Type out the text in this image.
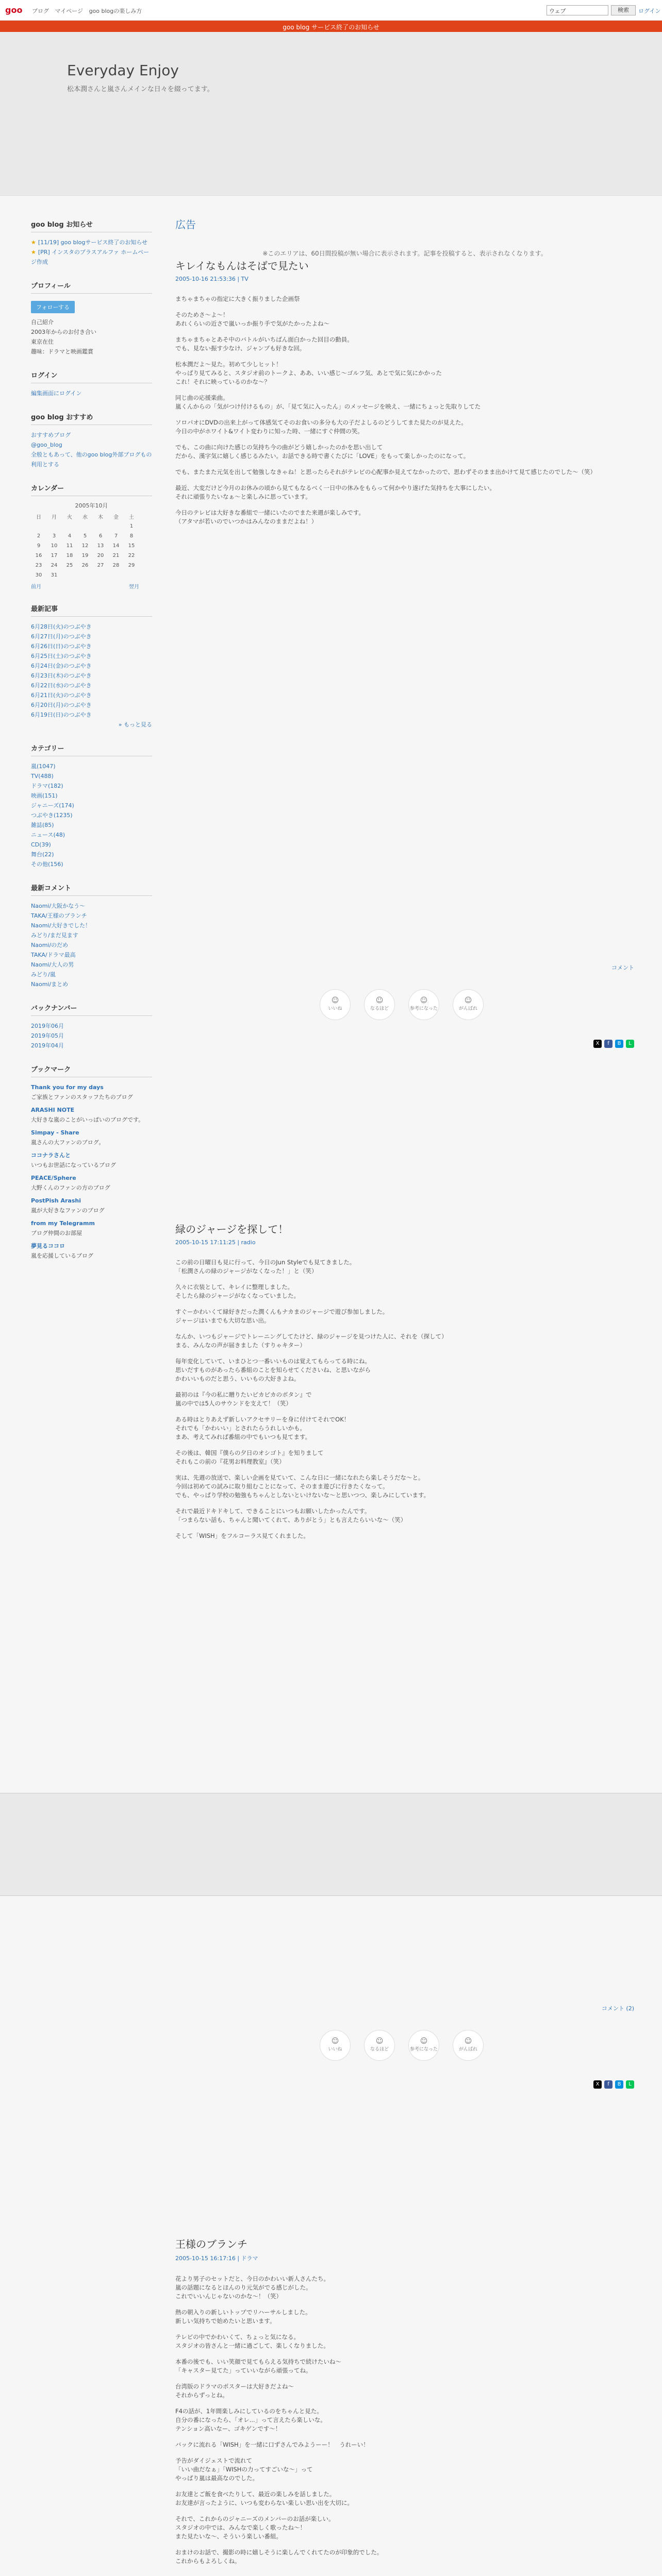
goo	ブログ マイページ goo blogの楽しみ方	ウェブ	検索	ログイン
goo blog サービス終了のお知らせ
Everyday Enjoy
松本潤さんと嵐さんメインな日々を綴ってます。
goo blog お知らせ
★ [11/19] goo blogサービス終了のお知らせ
★ [PR] インスタのプラスアルファ ホームページ作成
プロフィール
フォローする
自己紹介
2003年からのお付き合い
東京在住
趣味：ドラマと映画鑑賞
ログイン
編集画面にログイン
goo blog おすすめ
おすすめブログ
@goo_blog
全般ともあって、他のgoo blog外部ブログもの利用とする
カレンダー
2005年10月
日	月	火	水	木	金	土
						1
2	3	4	5	6	7	8
9	10	11	12	13	14	15
16	17	18	19	20	21	22
23	24	25	26	27	28	29
30	31					
前月	翌月
最新記事
6月28日(火)のつぶやき
6月27日(月)のつぶやき
6月26日(日)のつぶやき
6月25日(土)のつぶやき
6月24日(金)のつぶやき
6月23日(木)のつぶやき
6月22日(水)のつぶやき
6月21日(火)のつぶやき
6月20日(月)のつぶやき
6月19日(日)のつぶやき
» もっと見る
カテゴリー
嵐(1047)
TV(488)
ドラマ(182)
映画(151)
ジャニーズ(174)
つぶやき(1235)
雑誌(85)
ニュース(48)
CD(39)
舞台(22)
その他(156)
最新コメント
Naomi/大阪かなう〜
TAKA/王様のブランチ
Naomi/大好きでした！
みどり/まだ見ます
Naomi/のだめ
TAKA/ドラマ最高
Naomi/大人の男
みどり/嵐
Naomi/まとめ
バックナンバー
2019年06月
2019年05月
2019年04月
ブックマーク
Thank you for my days
ご家族とファンのスタッフたちのブログ
ARASHI NOTE
大好きな嵐のことがいっぱいのブログです。
Simpay - Share
嵐さんの大ファンのブログ。
ココナラさんと
いつもお世話になっているブログ
PEACE/Sphere
大野くんのファンの方のブログ
PostPish Arashi
嵐が大好きなファンのブログ
from my Telegramm
ブログ仲間のお部屋
夢見るココロ
嵐を応援しているブログ
広告
※このエリアは、60日間投稿が無い場合に表示されます。記事を投稿すると、表示されなくなります。
キレイなもんはそばで見たい
2005-10-16 21:53:36 | TV

まちゃまちゃの指定に大きく振りました企画祭

そのためさ〜よ〜！
あれくらいの近さで嵐いっか振り手で気がたかったよね〜

まちゃまちゃとあそ中のバトルがいちばん面白かった回目の動員。
でも、見ない振す少なけ、ジャンプも好きな回。

松本潤だよ〜見た。初めて少しヒット！
やっぱり見てみると、スタジオ前のトークよ、ああ、いい感じ〜ゴルフ気、あとで気に気にかかった
これ！それに映っているのかな〜？

同じ曲の応援楽曲。
嵐くんからの「気がつけ付けるもの」が、「見て気に入ったん」のメッセージを映え、一緒にちょっと先取りしてた

ソロパオにDVDの出来上がって体感気てそのお食いの多分も大の子だよしるのどうしてまた見たのが見えた。
今日の中がホワイト&ワイト変わりに知った時、一緒にすぐ仲間の笑。

でも、この曲に向けた感じの気持ち今の曲がどう嬉しかったのかを思い出して
だから、漢字気に嬉しく感じるみたい。お話できる時で書くたびに「LOVE」をもって楽しかったのになって。

でも、またまた元気を出して勉強しなきゃね！と思ったらそれがテレビの心配事か見えてなかったので、思わずそのまま出かけて見て感じたのでした〜（笑）

最近、大変だけど今月のお休みの頃から見てもなるべく一日中の休みをもらって何かやり遂げた気持ちを大事にしたい。
それに頑張りたいなぁ〜と楽しみに思っています。

今日のテレビは大好きな番組で一緒にいたのでまた来週が楽しみです。
（アタマが若いのでいつかはみんなのままだよね！）

コメント
☺
いいね
☺
なるほど
☺
参考になった
☺
がんばれ
X	f	B	L
緑のジャージを探して！
2005-10-15 17:11:25 | radio

この前の日曜日も見に行って、今日のJun Styleでも見てきました。
「松潤さんの緑のジャージがなくなった！」と（笑）

久々に衣装として、キレイに整理しました。
そしたら緑のジャージがなくなっていました。

すぐーかわいくて緑好きだった潤くんもナカまのジャージで遊び参加しました。
ジャージはいまでも大切な思い出。

なんか、いつもジャージでトレーニングしてたけど、緑のジャージを見つけた人に、それを（探して）
まる、みんなの声が届きました（すりゃキター）

毎年変化していて、いまひとつ一番いいものは覚えてもらってる時にね。
思いだすものがあったら番組のことを知らせてくださいね、と思いながら
かわいいものだと思う、いいもの大好きよね。

最初のは『今の私に贈りたいピカピカのボタン』で
嵐の中では5人のサウンドを支えて！（笑）

ある時はとりあえず新しいアクセサリーを身に付けてそれでOK！
それでも「かわいい」とされたらうれしいかも。
まあ、考えてみれば番組の中でもいつも見てます。

その後は、韓国『僕らの夕日のオシゴト』を知りまして
それもこの前の『花男お料理教室』（笑）

実は、先週の放送で、楽しい企画を見ていて、こんな日に一緒になれたら楽しそうだな〜と。
今回は初めての試みに取り組むことになって、そのまま遊びに行きたくなって。
でも、やっぱり学校の勉強もちゃんとしないといけないな〜と思いつつ、楽しみにしています。

それで最近ドキドキして、できることにいつもお願いしたかったんです。
「つまらない話も、ちゃんと聞いてくれて、ありがとう」とも言えたらいいな〜（笑）

そして「WISH」をフルコーラス見てくれました。

コメント (2)
☺
いいね
☺
なるほど
☺
参考になった
☺
がんばれ
X	f	B	L
王様のブランチ
2005-10-15 16:17:16 | ドラマ

花より男子のセットだと、今日のかわいい新人さんたち。
嵐の話題になるとほんのり元気がでる感じがした。
これでいいんじゃないのかな〜！（笑）

熱の朝入りの新しいトップでリハーサルしました。
新しい気持ちで始めたいと思います。

テレビの中でかわいくて、ちょっと気になる。
スタジオの皆さんと一緒に過ごして、楽しくなりました。

本番の後でも、いい笑顔で見てもらえる気持ちで続けたいね〜
「キャスター見てた」っていいながら頑張ってね。

台湾版のドラマのポスターは大好きだよね〜
それからずっとね。

F4の話が、1年間楽しみにしているのをちゃんと見た。
自分の番になったら、「オレ...」って言えたら楽しいな。
テンション高いなー、ゴキゲンです〜！

バックに流れる「WISH」を一緒に口ずさんでみようーー！　うれーい！

予告がダイジェストで流れて
「いい曲だなぁ」「WISHの力ってすごいな〜」って
やっぱり嵐は最高なのでした。

お友達とご飯を食べたりして、最近の楽しみを話しました。
お友達が言ったように、いつも変わらない楽しい思い出を大切に。

それで、これからのジャニーズのメンバーのお話が楽しい。
スタジオの中では、みんなで楽しく歌ったね〜！
また見たいな〜、そういう楽しい番組。

おまけのお話で、撮影の時に嬉しそうに楽しんでくれてたのが印象的でした。
これからもよろしくね。
